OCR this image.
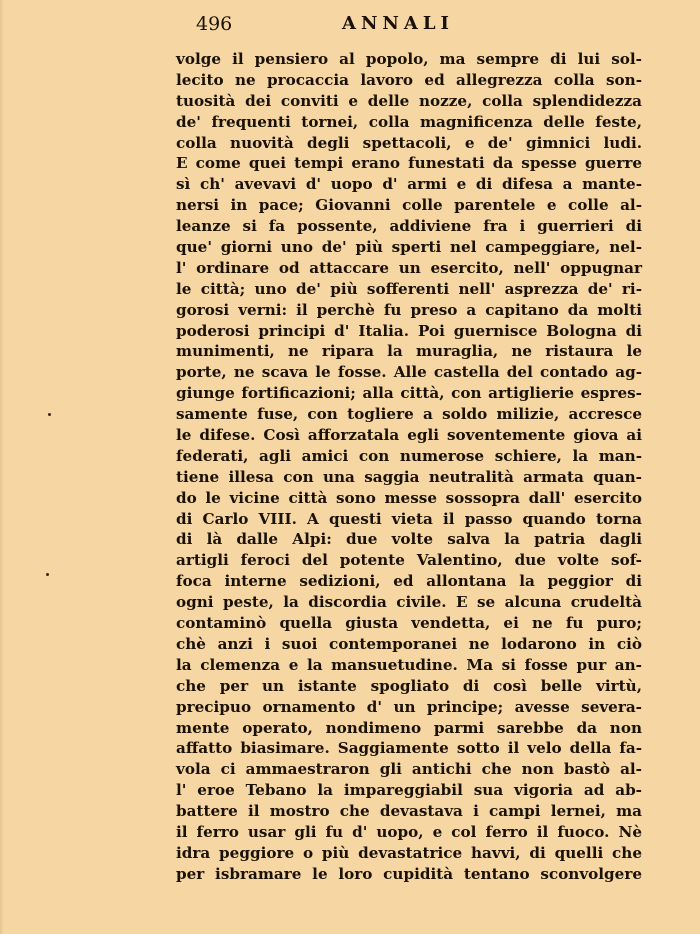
496	ANNALI
volge il pensiero al popolo, ma sempre di lui sol-
lecito ne procaccia lavoro ed allegrezza colla son-
tuosità dei conviti e delle nozze, colla splendidezza
de' frequenti tornei, colla magnificenza delle feste,
colla nuovità degli spettacoli, e de' gimnici ludi.
E come quei tempi erano funestati da spesse guerre
sì ch' avevavi d' uopo d' armi e di difesa a mante-
nersi in pace; Giovanni colle parentele e colle al-
leanze si fa possente, addiviene fra i guerrieri di
que' giorni uno de' più sperti nel campeggiare, nel-
l' ordinare od attaccare un esercito, nell' oppugnar
le città; uno de' più sofferenti nell' asprezza de' ri-
gorosi verni: il perchè fu preso a capitano da molti
poderosi principi d' Italia. Poi guernisce Bologna di
munimenti, ne ripara la muraglia, ne ristaura le
porte, ne scava le fosse. Alle castella del contado ag-
giunge fortificazioni; alla città, con artiglierie espres-
samente fuse, con togliere a soldo milizie, accresce
le difese. Così afforzatala egli soventemente giova ai
federati, agli amici con numerose schiere, la man-
tiene illesa con una saggia neutralità armata quan-
do le vicine città sono messe sossopra dall' esercito
di Carlo VIII. A questi vieta il passo quando torna
di là dalle Alpi: due volte salva la patria dagli
artigli feroci del potente Valentino, due volte sof-
foca interne sedizioni, ed allontana la peggior di
ogni peste, la discordia civile. E se alcuna crudeltà
contaminò quella giusta vendetta, ei ne fu puro;
chè anzi i suoi contemporanei ne lodarono in ciò
la clemenza e la mansuetudine. Ma si fosse pur an-
che per un istante spogliato di così belle virtù,
precipuo ornamento d' un principe; avesse severa-
mente operato, nondimeno parmi sarebbe da non
affatto biasimare. Saggiamente sotto il velo della fa-
vola ci ammaestraron gli antichi che non bastò al-
l' eroe Tebano la impareggiabil sua vigoria ad ab-
battere il mostro che devastava i campi lernei, ma
il ferro usar gli fu d' uopo, e col ferro il fuoco. Nè
idra peggiore o più devastatrice havvi, di quelli che
per isbramare le loro cupidità tentano sconvolgere
